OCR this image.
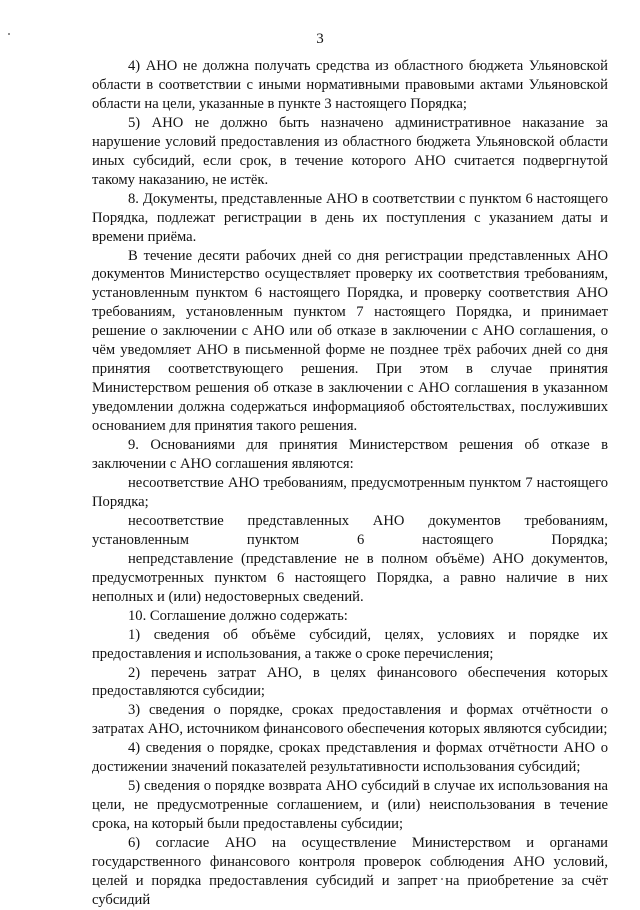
3

4) АНО не должна получать средства из областного бюджета Ульяновской области в соответствии с иными нормативными правовыми актами Ульяновской области на цели, указанные в пункте 3 настоящего Порядка;

5) АНО не должно быть назначено административное наказание за нарушение условий предоставления из областного бюджета Ульяновской области иных субсидий, если срок, в течение которого АНО считается подвергнутой такому наказанию, не истёк.

8. Документы, представленные АНО в соответствии с пунктом 6 настоящего Порядка, подлежат регистрации в день их поступления с указанием даты и времени приёма.

В течение десяти рабочих дней со дня регистрации представленных АНО документов Министерство осуществляет проверку их соответствия требованиям, установленным пунктом 6 настоящего Порядка, и проверку соответствия АНО требованиям, установленным пунктом 7 настоящего Порядка, и принимает решение о заключении с АНО или об отказе в заключении с АНО соглашения, о чём уведомляет АНО в письменной форме не позднее трёх рабочих дней со дня принятия соответствующего решения. При этом в случае принятия Министерством решения об отказе в заключении с АНО соглашения в указанном уведомлении должна содержаться информацияоб обстоятельствах, послуживших основанием для принятия такого решения.

9. Основаниями для принятия Министерством решения об отказе в заключении с АНО соглашения являются:

несоответствие АНО требованиям, предусмотренным пунктом 7 настоящего Порядка;

несоответствие представленных АНО документов требованиям, установленным пунктом 6 настоящего Порядка;

непредставление (представление не в полном объёме) АНО документов, предусмотренных пунктом 6 настоящего Порядка, а равно наличие в них неполных и (или) недостоверных сведений.

10. Соглашение должно содержать:

1) сведения об объёме субсидий, целях, условиях и порядке их предоставления и использования, а также о сроке перечисления;

2) перечень затрат АНО, в целях финансового обеспечения которых предоставляются субсидии;

3) сведения о порядке, сроках предоставления и формах отчётности о затратах АНО, источником финансового обеспечения которых являются субсидии;

4) сведения о порядке, сроках представления и формах отчётности АНО о достижении значений показателей результативности использования субсидий;

5) сведения о порядке возврата АНО субсидий в случае их использования на цели, не предусмотренные соглашением, и (или) неиспользования в течение срока, на который были предоставлены субсидии;

6) согласие АНО на осуществление Министерством и органами государственного финансового контроля проверок соблюдения АНО условий, целей и порядка предоставления субсидий и запрет на приобретение за счёт субсидий
